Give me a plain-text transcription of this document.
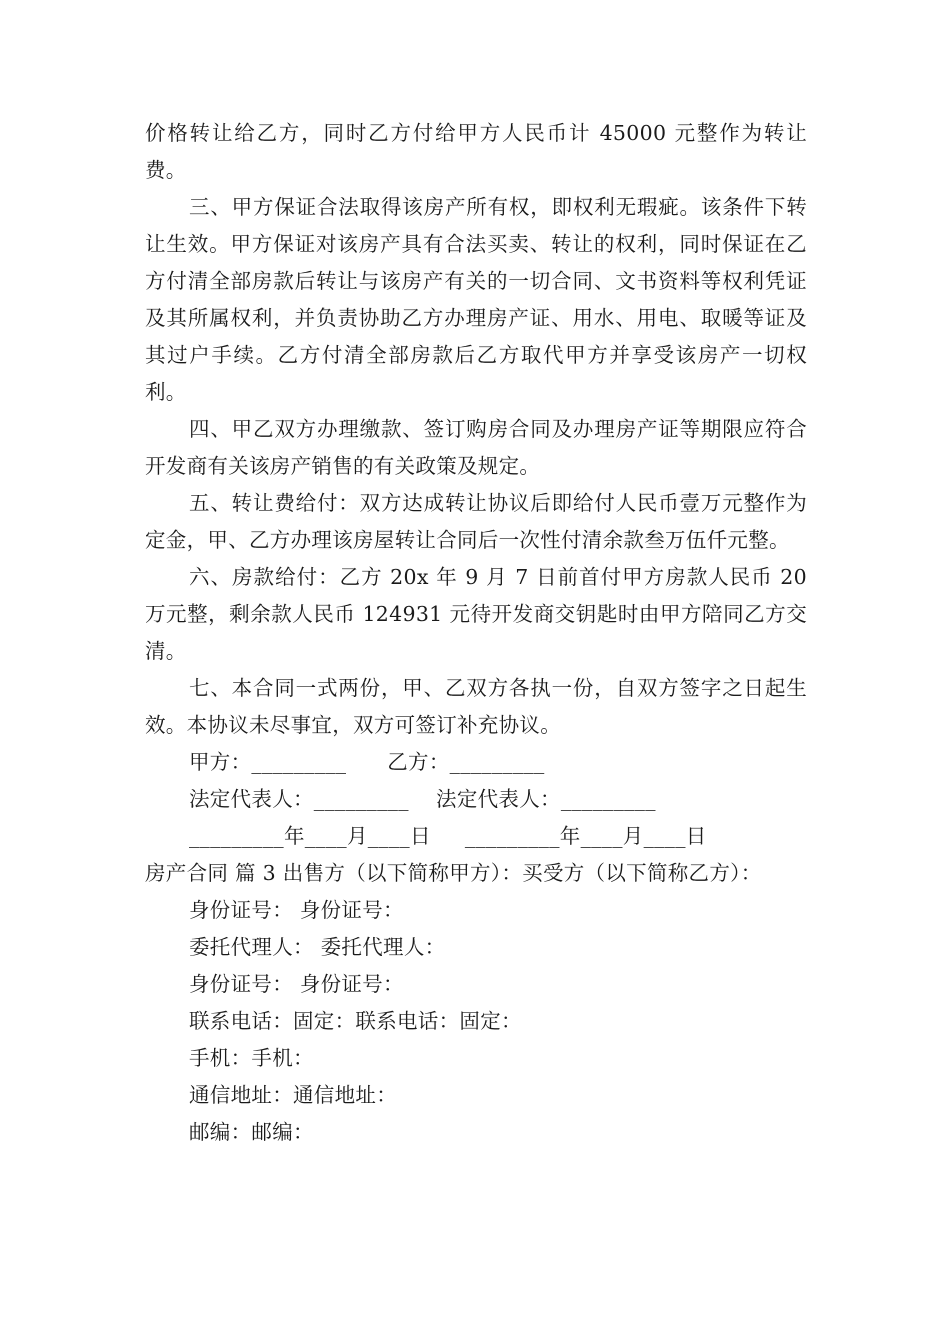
价格转让给乙方，同时乙方付给甲方人民币计 45000 元整作为转让费。

三、甲方保证合法取得该房产所有权，即权利无瑕疵。该条件下转让生效。甲方保证对该房产具有合法买卖、转让的权利，同时保证在乙方付清全部房款后转让与该房产有关的一切合同、文书资料等权利凭证及其所属权利，并负责协助乙方办理房产证、用水、用电、取暖等证及其过户手续。乙方付清全部房款后乙方取代甲方并享受该房产一切权利。

四、甲乙双方办理缴款、签订购房合同及办理房产证等期限应符合开发商有关该房产销售的有关政策及规定。

五、转让费给付：双方达成转让协议后即给付人民币壹万元整作为定金，甲、乙方办理该房屋转让合同后一次性付清余款叁万伍仟元整。

六、房款给付：乙方 20x 年 9 月 7 日前首付甲方房款人民币 20 万元整，剩余款人民币 124931 元待开发商交钥匙时由甲方陪同乙方交清。

七、本合同一式两份，甲、乙双方各执一份，自双方签字之日起生效。本协议未尽事宜，双方可签订补充协议。

甲方：_________      乙方：_________

法定代表人：_________    法定代表人：_________

_________年____月____日     _________年____月____日

房产合同 篇 3 出售方（以下简称甲方）：买受方（以下简称乙方）：

身份证号： 身份证号：

委托代理人： 委托代理人：

身份证号： 身份证号：

联系电话：固定：联系电话：固定：

手机：手机：

通信地址：通信地址：

邮编：邮编：
